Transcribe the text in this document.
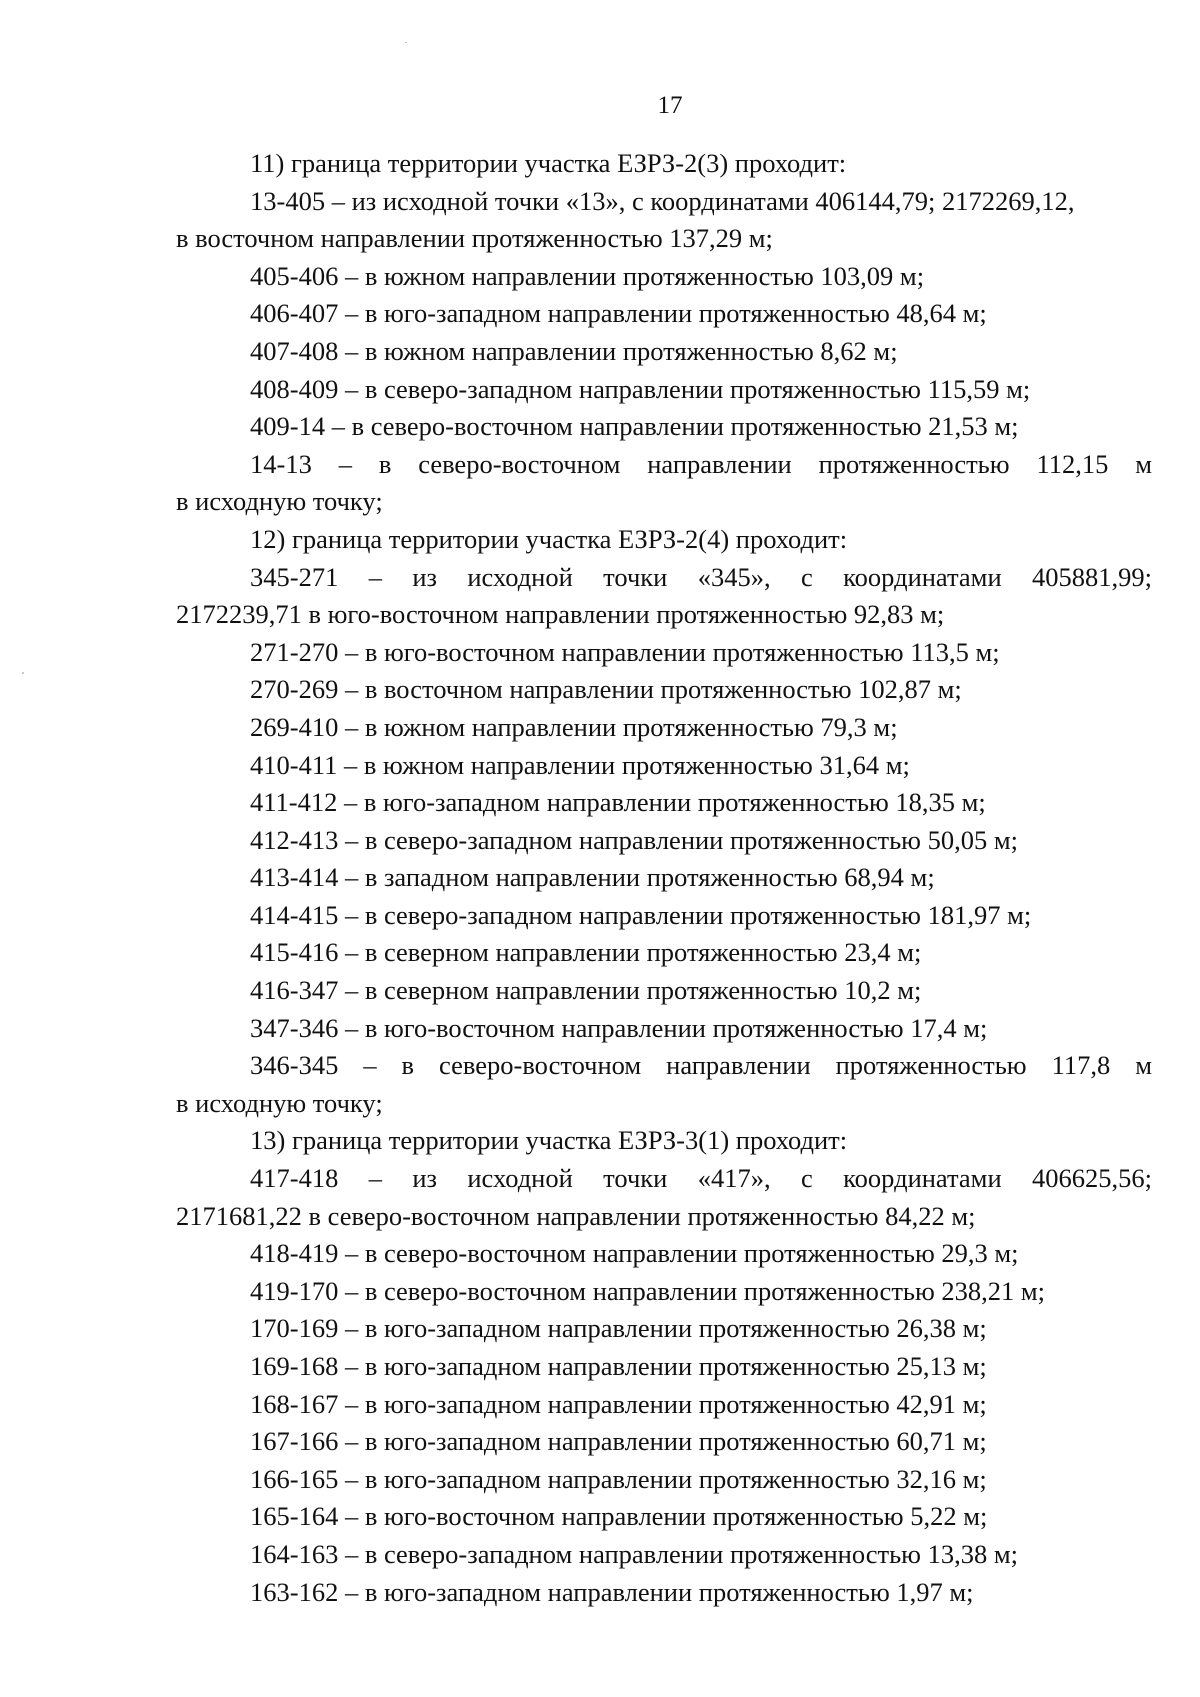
17
11) граница территории участка ЕЗРЗ-2(3) проходит:
13-405 – из исходной точки «13», с координатами 406144,79; 2172269,12,
в восточном направлении протяженностью 137,29 м;
405-406 – в южном направлении протяженностью 103,09 м;
406-407 – в юго-западном направлении протяженностью 48,64 м;
407-408 – в южном направлении протяженностью 8,62 м;
408-409 – в северо-западном направлении протяженностью 115,59 м;
409-14 – в северо-восточном направлении протяженностью 21,53 м;
14-13 – в северо-восточном направлении протяженностью 112,15 м
в исходную точку;
12) граница территории участка ЕЗРЗ-2(4) проходит:
345-271 – из исходной точки «345», с координатами 405881,99;
2172239,71 в юго-восточном направлении протяженностью 92,83 м;
271-270 – в юго-восточном направлении протяженностью 113,5 м;
270-269 – в восточном направлении протяженностью 102,87 м;
269-410 – в южном направлении протяженностью 79,3 м;
410-411 – в южном направлении протяженностью 31,64 м;
411-412 – в юго-западном направлении протяженностью 18,35 м;
412-413 – в северо-западном направлении протяженностью 50,05 м;
413-414 – в западном направлении протяженностью 68,94 м;
414-415 – в северо-западном направлении протяженностью 181,97 м;
415-416 – в северном направлении протяженностью 23,4 м;
416-347 – в северном направлении протяженностью 10,2 м;
347-346 – в юго-восточном направлении протяженностью 17,4 м;
346-345 – в северо-восточном направлении протяженностью 117,8 м
в исходную точку;
13) граница территории участка ЕЗРЗ-3(1) проходит:
417-418 – из исходной точки «417», с координатами 406625,56;
2171681,22 в северо-восточном направлении протяженностью 84,22 м;
418-419 – в северо-восточном направлении протяженностью 29,3 м;
419-170 – в северо-восточном направлении протяженностью 238,21 м;
170-169 – в юго-западном направлении протяженностью 26,38 м;
169-168 – в юго-западном направлении протяженностью 25,13 м;
168-167 – в юго-западном направлении протяженностью 42,91 м;
167-166 – в юго-западном направлении протяженностью 60,71 м;
166-165 – в юго-западном направлении протяженностью 32,16 м;
165-164 – в юго-восточном направлении протяженностью 5,22 м;
164-163 – в северо-западном направлении протяженностью 13,38 м;
163-162 – в юго-западном направлении протяженностью 1,97 м;
